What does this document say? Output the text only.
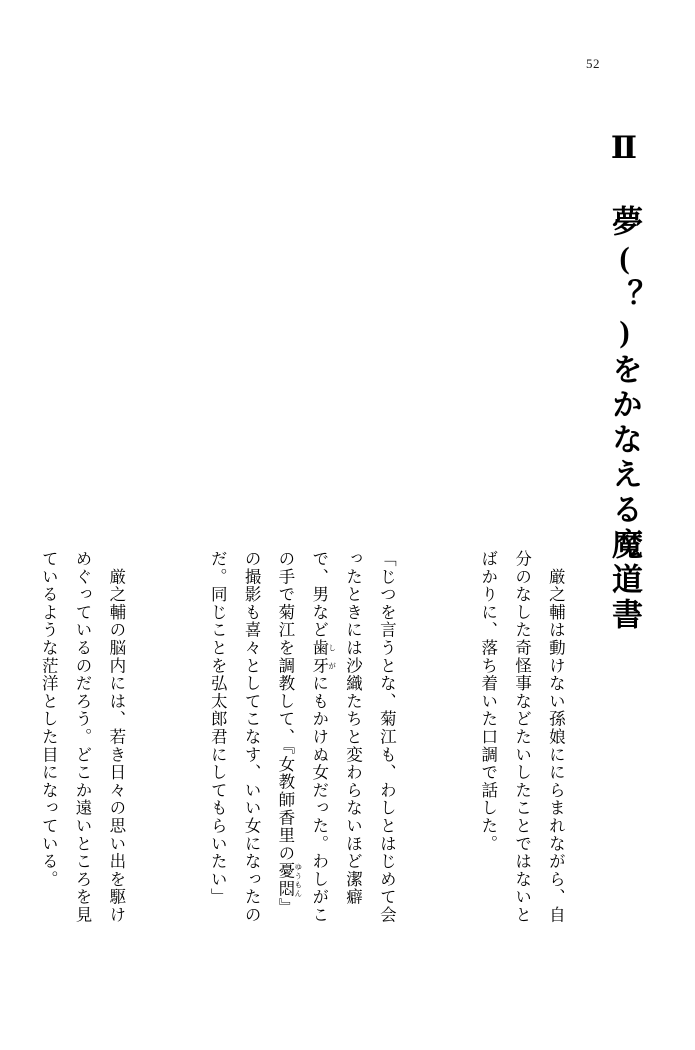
52
Ⅱ　夢(？)をかなえる魔道書

　厳之輔は動けない孫娘ににらまれながら、自分のなした奇怪事などたいしたことではないとばかりに、落ち着いた口調で話した。

「じつを言うとな、菊江も、わしとはじめて会ったときには沙織たちと変わらないほど潔癖で、男など歯牙 しがにもかけぬ女だった。わしがこの手で菊江を調教して、『女教師香里の憂悶 ゆうもん』の撮影も喜々としてこなす、いい女になったのだ。同じことを弘太郎君にしてもらいたい」

　厳之輔の脳内には、若き日々の思い出を駆けめぐっているのだろう。どこか遠いところを見ているような茫洋とした目になっている。
